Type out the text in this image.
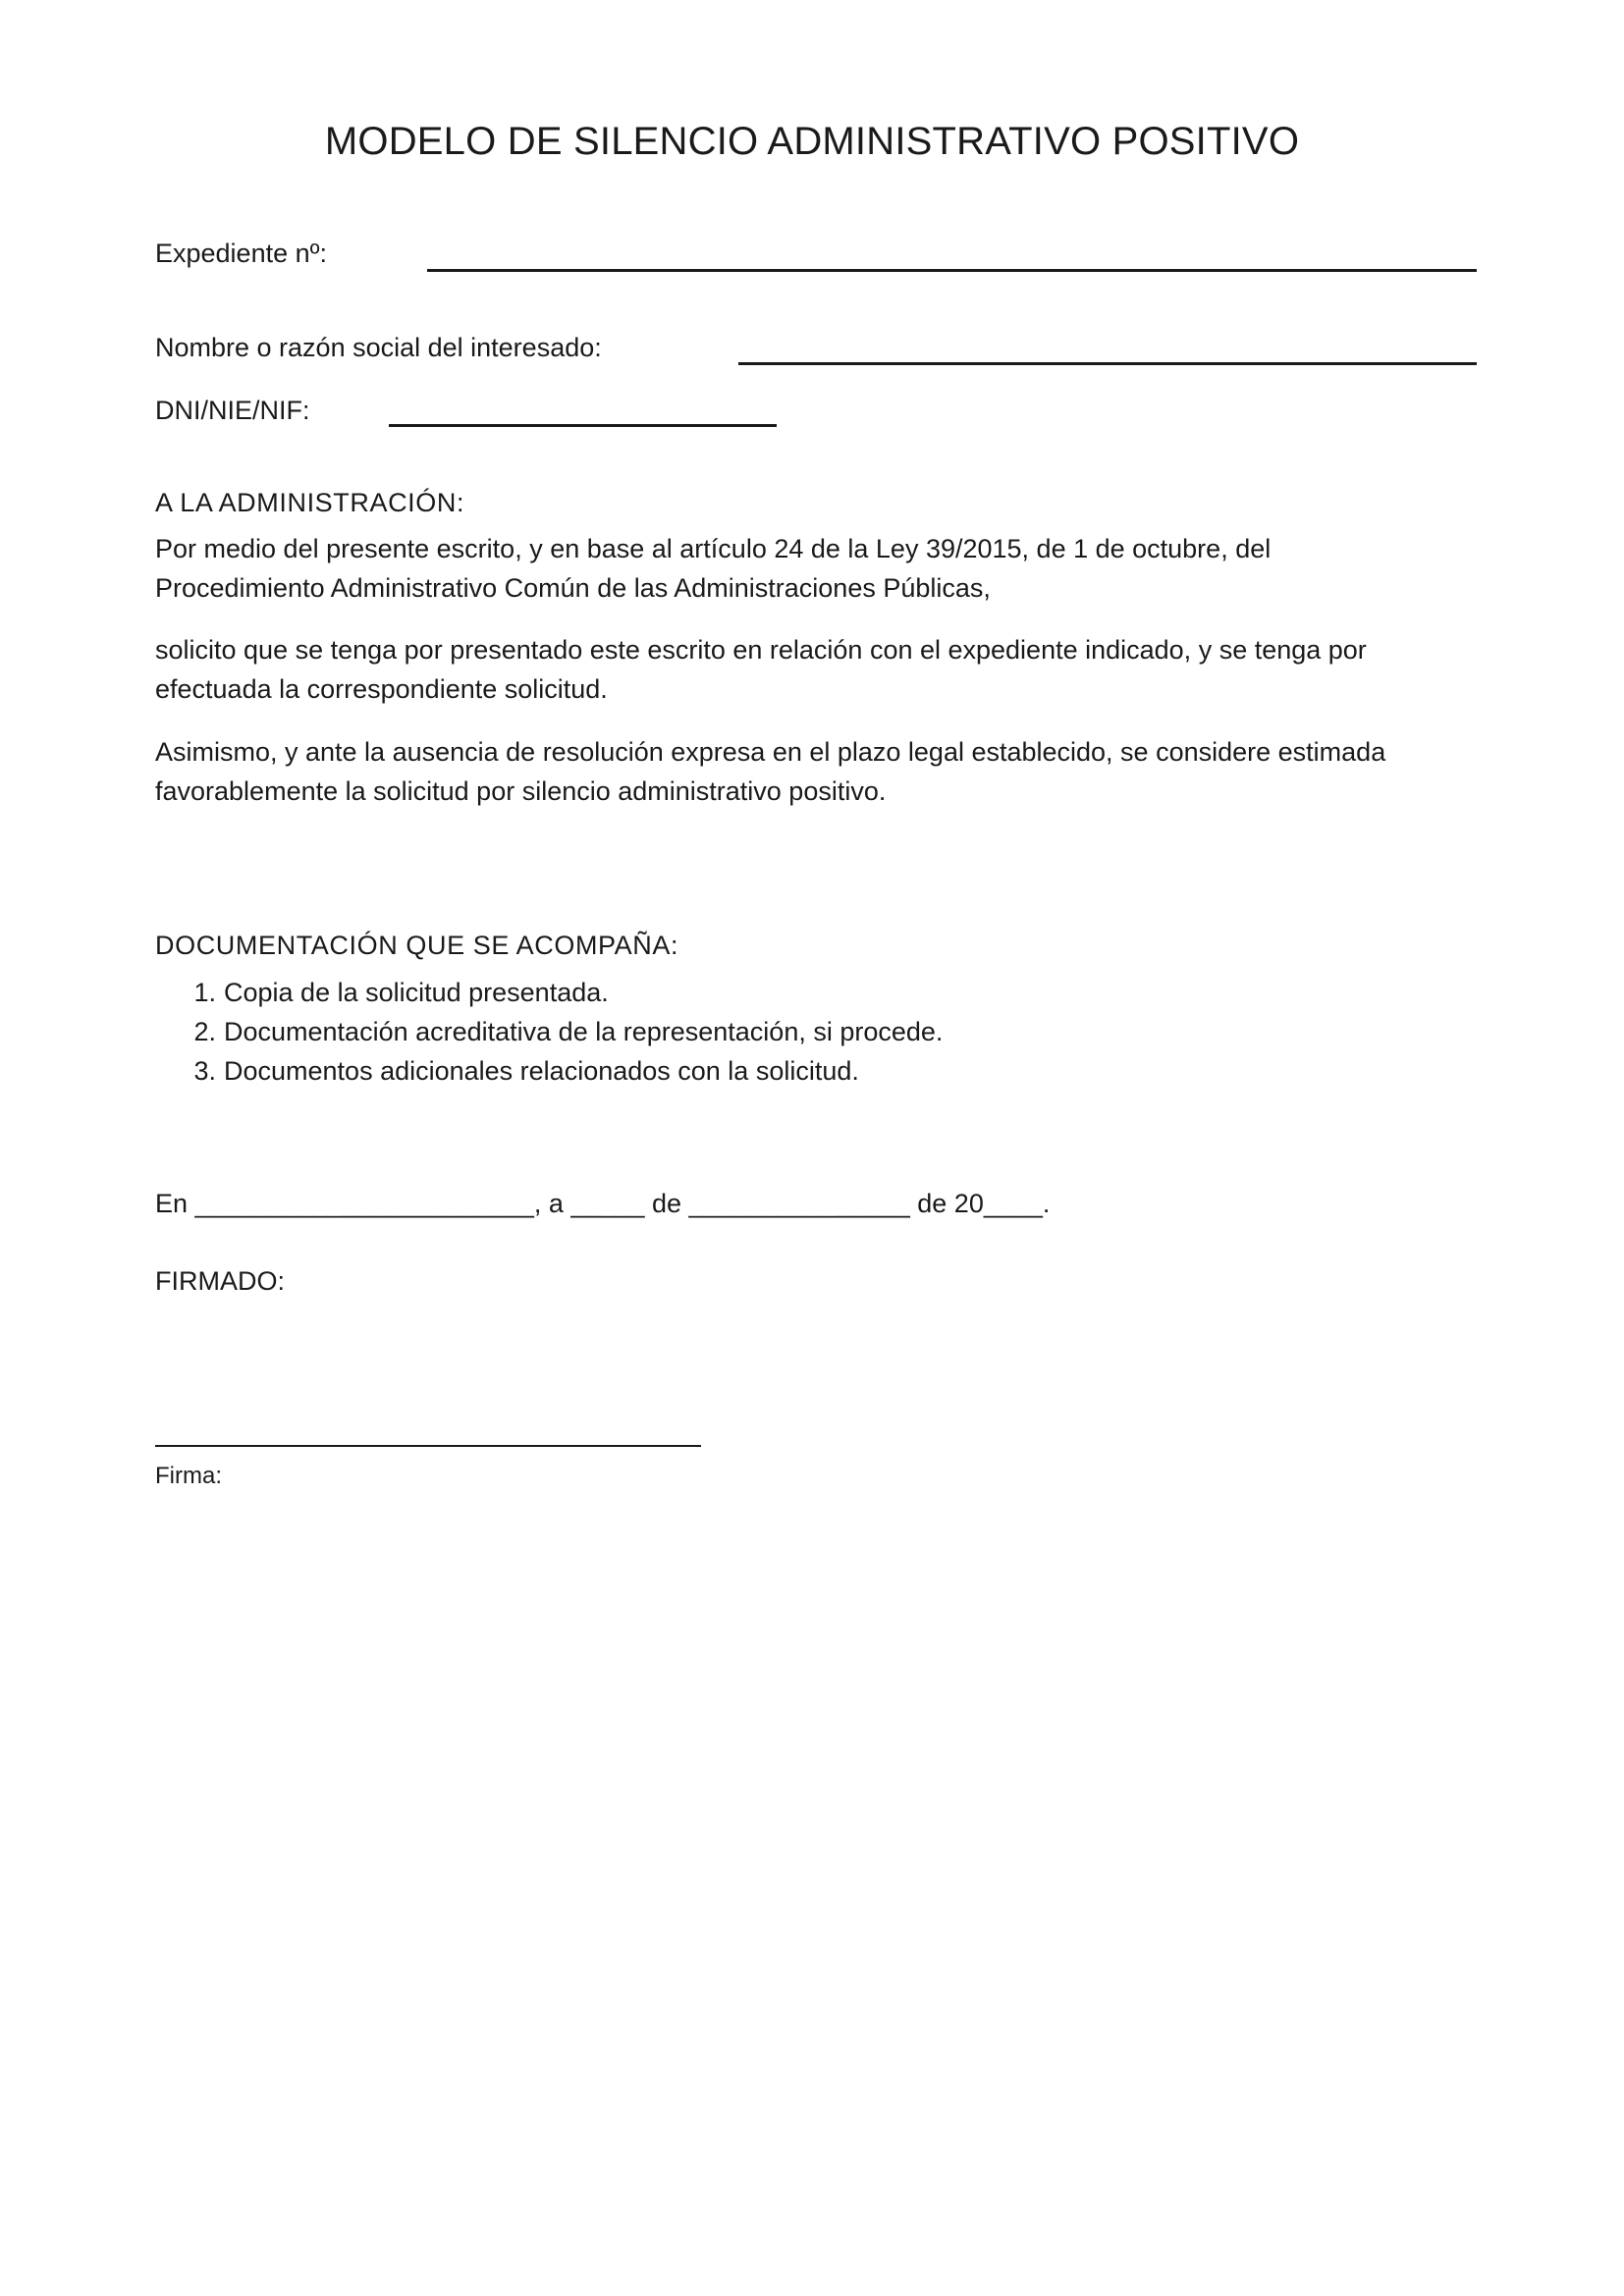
MODELO DE SILENCIO ADMINISTRATIVO POSITIVO
Expediente nº:
Nombre o razón social del interesado:
DNI/NIE/NIF:
A LA ADMINISTRACIÓN:

Por medio del presente escrito, y en base al artículo 24 de la Ley 39/2015, de 1 de octubre, del
Procedimiento Administrativo Común de las Administraciones Públicas,

solicito que se tenga por presentado este escrito en relación con el expediente indicado, y se tenga por
efectuada la correspondiente solicitud.

Asimismo, y ante la ausencia de resolución expresa en el plazo legal establecido, se considere estimada
favorablemente la solicitud por silencio administrativo positivo.

DOCUMENTACIÓN QUE SE ACOMPAÑA:
1. Copia de la solicitud presentada.
2. Documentación acreditativa de la representación, si procede.
3. Documentos adicionales relacionados con la solicitud.
En _______________________, a _____ de _______________ de 20____.
FIRMADO:
Firma:
